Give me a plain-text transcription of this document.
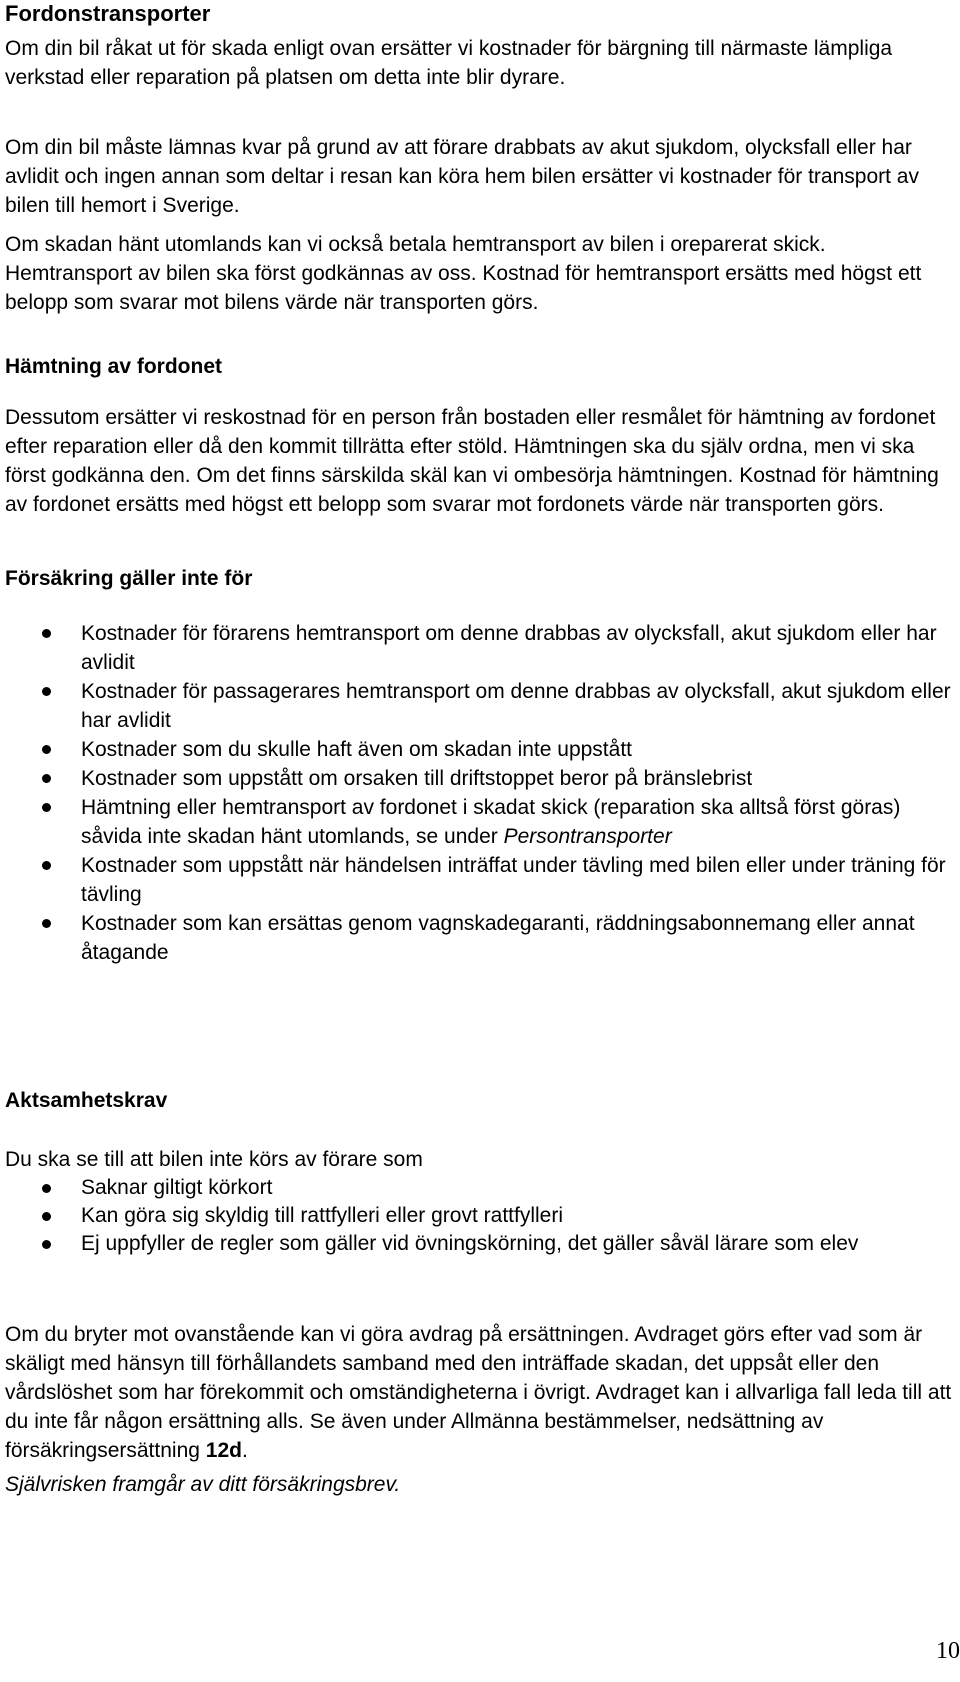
Fordonstransporter

Om din bil råkat ut för skada enligt ovan ersätter vi kostnader för bärgning till närmaste lämpliga verkstad eller reparation på platsen om detta inte blir dyrare.

Om din bil måste lämnas kvar på grund av att förare drabbats av akut sjukdom, olycksfall eller har avlidit och ingen annan som deltar i resan kan köra hem bilen ersätter vi kostnader för transport av bilen till hemort i Sverige.

Om skadan hänt utomlands kan vi också betala hemtransport av bilen i oreparerat skick. Hemtransport av bilen ska först godkännas av oss. Kostnad för hemtransport ersätts med högst ett belopp som svarar mot bilens värde när transporten görs.

Hämtning av fordonet

Dessutom ersätter vi reskostnad för en person från bostaden eller resmålet för hämtning av fordonet efter reparation eller då den kommit tillrätta efter stöld. Hämtningen ska du själv ordna, men vi ska först godkänna den. Om det finns särskilda skäl kan vi ombesörja hämtningen. Kostnad för hämtning av fordonet ersätts med högst ett belopp som svarar mot fordonets värde när transporten görs.

Försäkring gäller inte för
Kostnader för förarens hemtransport om denne drabbas av olycksfall, akut sjukdom eller har avlidit
Kostnader för passagerares hemtransport om denne drabbas av olycksfall, akut sjukdom eller har avlidit
Kostnader som du skulle haft även om skadan inte uppstått
Kostnader som uppstått om orsaken till driftstoppet beror på bränslebrist
Hämtning eller hemtransport av fordonet i skadat skick (reparation ska alltså först göras) såvida inte skadan hänt utomlands, se under Persontransporter
Kostnader som uppstått när händelsen inträffat under tävling med bilen eller under träning för tävling
Kostnader som kan ersättas genom vagnskadegaranti, räddningsabonnemang eller annat åtagande
Aktsamhetskrav

Du ska se till att bilen inte körs av förare som

Saknar giltigt körkort
Kan göra sig skyldig till rattfylleri eller grovt rattfylleri
Ej uppfyller de regler som gäller vid övningskörning, det gäller såväl lärare som elev

Om du bryter mot ovanstående kan vi göra avdrag på ersättningen. Avdraget görs efter vad som är skäligt med hänsyn till förhållandets samband med den inträffade skadan, det uppsåt eller den vårdslöshet som har förekommit och omständigheterna i övrigt. Avdraget kan i allvarliga fall leda till att du inte får någon ersättning alls. Se även under Allmänna bestämmelser, nedsättning av försäkringsersättning 12d.

Självrisken framgår av ditt försäkringsbrev.

10
